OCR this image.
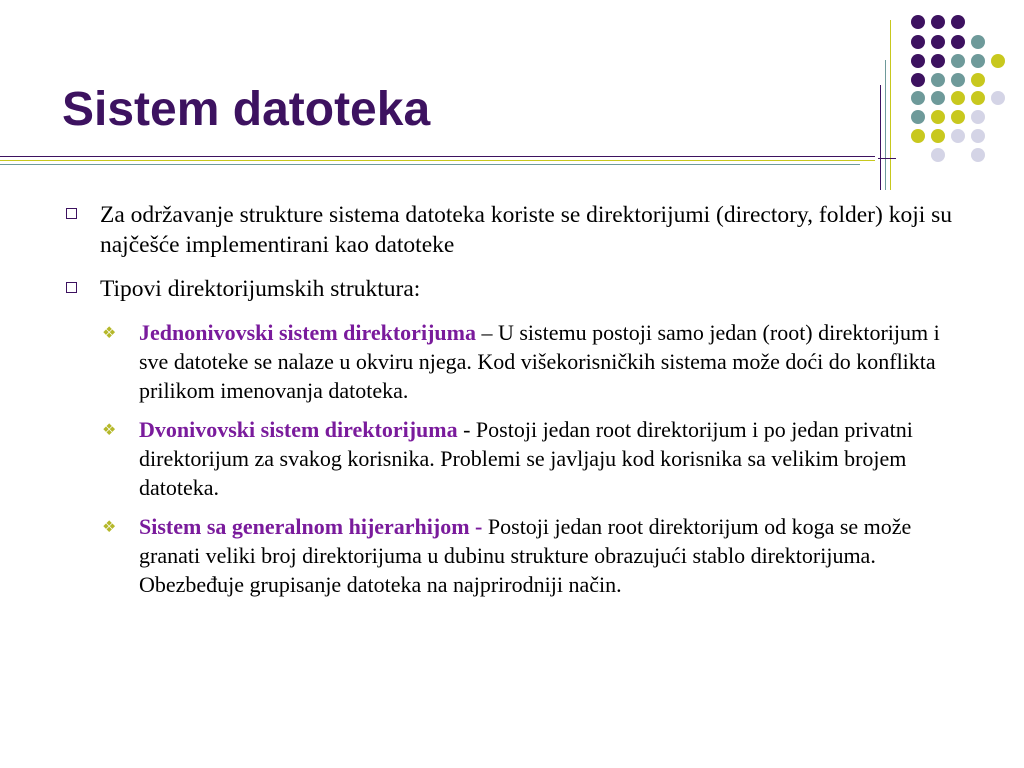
Sistem datoteka
Za održavanje strukture sistema datoteka koriste se direktorijumi (directory, folder) koji su najčešće implementirani kao datoteke
Tipovi direktorijumskih struktura:
❖ Jednonivovski sistem direktorijuma – U sistemu postoji samo jedan (root) direktorijum i sve datoteke se nalaze u okviru njega. Kod višekorisničkih sistema može doći do konflikta prilikom imenovanja datoteka.
❖ Dvonivovski sistem direktorijuma - Postoji jedan root direktorijum i po jedan privatni direktorijum za svakog korisnika. Problemi se javljaju kod korisnika sa velikim brojem datoteka.
❖ Sistem sa generalnom hijerarhijom - Postoji jedan root direktorijum od koga se može granati veliki broj direktorijuma u dubinu strukture obrazujući stablo direktorijuma. Obezbeđuje grupisanje datoteka na najprirodniji način.
